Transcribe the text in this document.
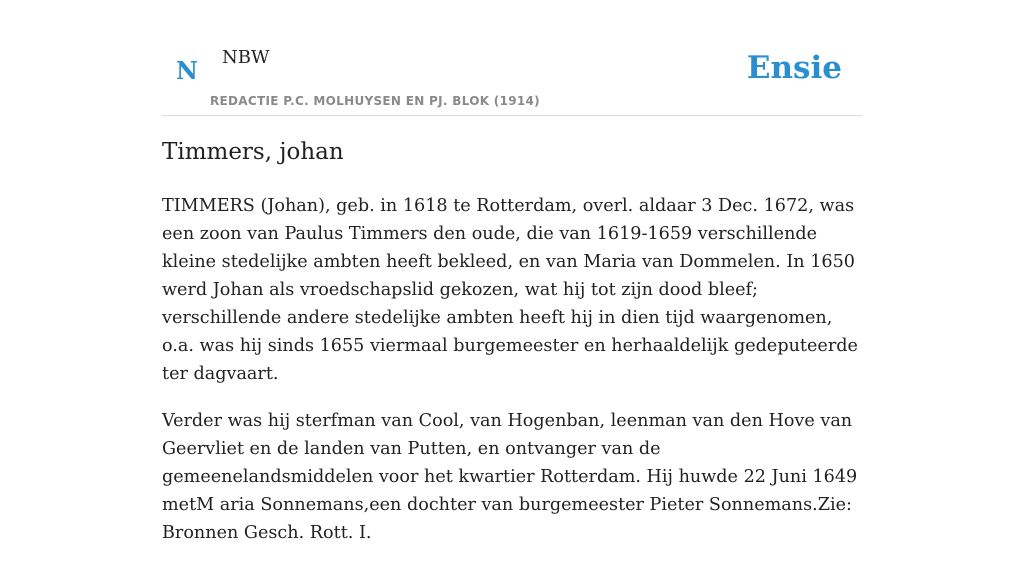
N NBW
REDACTIE P.C. MOLHUYSEN EN PJ. BLOK (1914)
Ensie
Timmers, johan

TIMMERS (Johan), geb. in 1618 te Rotterdam, overl. aldaar 3 Dec. 1672, was een zoon van Paulus Timmers den oude, die van 1619-1659 verschillende kleine stedelijke ambten heeft bekleed, en van Maria van Dommelen. In 1650 werd Johan als vroedschapslid gekozen, wat hij tot zijn dood bleef; verschillende andere stedelijke ambten heeft hij in dien tijd waargenomen, o.a. was hij sinds 1655 viermaal burgemeester en herhaaldelijk gedeputeerde ter dagvaart.

Verder was hij sterfman van Cool, van Hogenban, leenman van den Hove van Geervliet en de landen van Putten, en ontvanger van de gemeenelandsmiddelen voor het kwartier Rotterdam. Hij huwde 22 Juni 1649 metM aria Sonnemans,een dochter van burgemeester Pieter Sonnemans.Zie: Bronnen Gesch. Rott. I.
